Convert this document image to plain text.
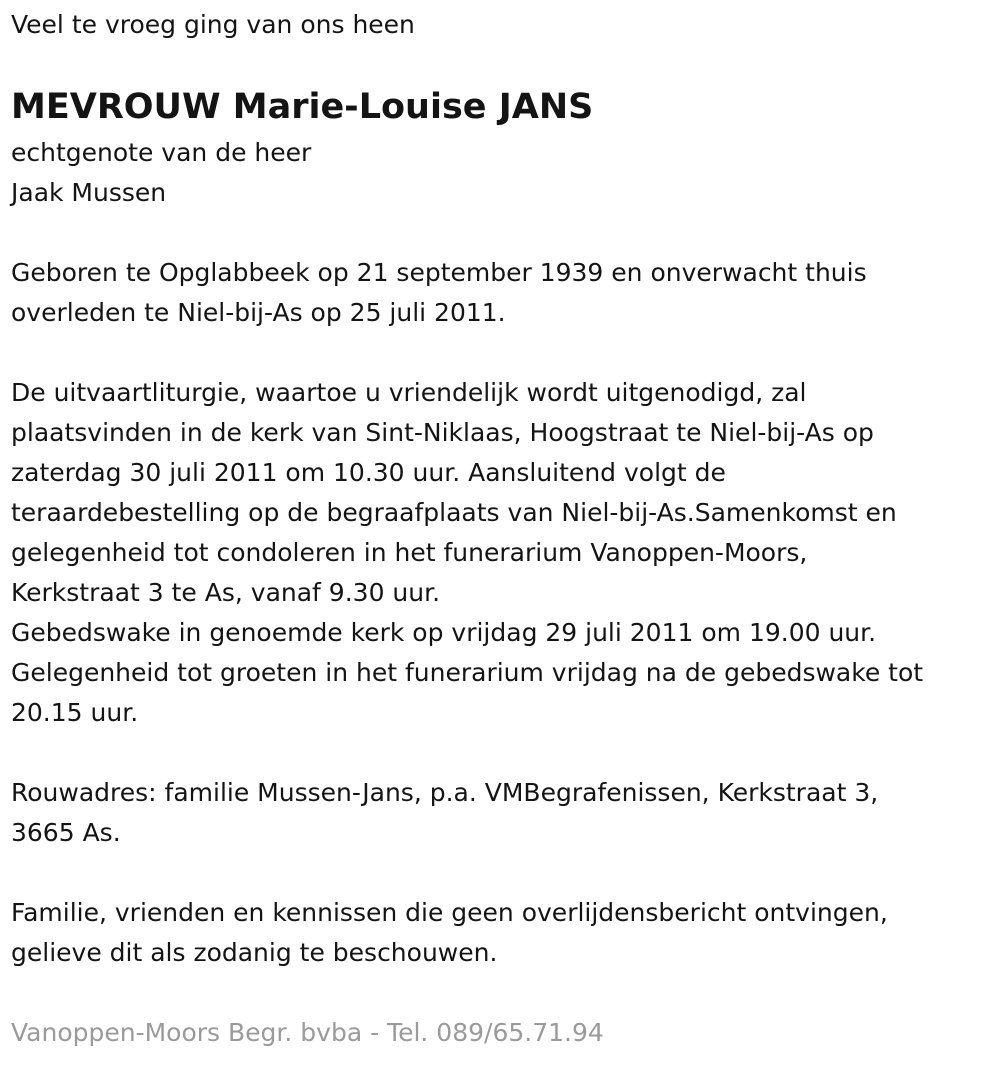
Veel te vroeg ging van ons heen
MEVROUW Marie-Louise JANS
echtgenote van de heer
Jaak Mussen
Geboren te Opglabbeek op 21 september 1939 en onverwacht thuis
overleden te Niel-bij-As op 25 juli 2011.
De uitvaartliturgie, waartoe u vriendelijk wordt uitgenodigd, zal
plaatsvinden in de kerk van Sint-Niklaas, Hoogstraat te Niel-bij-As op
zaterdag 30 juli 2011 om 10.30 uur. Aansluitend volgt de
teraardebestelling op de begraafplaats van Niel-bij-As.Samenkomst en
gelegenheid tot condoleren in het funerarium Vanoppen-Moors,
Kerkstraat 3 te As, vanaf 9.30 uur.
Gebedswake in genoemde kerk op vrijdag 29 juli 2011 om 19.00 uur.
Gelegenheid tot groeten in het funerarium vrijdag na de gebedswake tot
20.15 uur.
Rouwadres: familie Mussen-Jans, p.a. VMBegrafenissen, Kerkstraat 3,
3665 As.
Familie, vrienden en kennissen die geen overlijdensbericht ontvingen,
gelieve dit als zodanig te beschouwen.
Vanoppen-Moors Begr. bvba - Tel. 089/65.71.94
